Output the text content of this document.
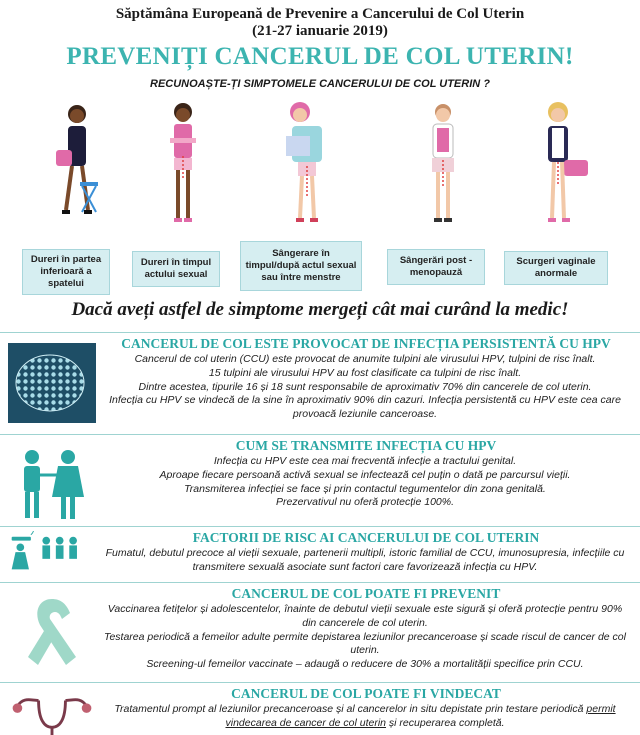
Săptămâna Europeană de Prevenire a Cancerului de Col Uterin
(21-27 ianuarie 2019)
PREVENIȚI CANCERUL DE COL UTERIN!
RECUNOAȘTE-ȚI SIMPTOMELE CANCERULUI DE COL UTERIN ?
Dureri în partea inferioară a spatelui
Dureri în timpul actului sexual
Sângerare în timpul/după actul sexual sau între menstre
Sângerări post -menopauză
Scurgeri vaginale anormale
Dacă aveți astfel de simptome mergeți cât mai curând la medic!
CANCERUL DE COL ESTE PROVOCAT DE INFECȚIA PERSISTENTĂ CU HPV

Cancerul de col uterin (CCU) este provocat de anumite tulpini ale virusului HPV, tulpini de risc înalt.

15 tulpini ale virusului HPV au fost clasificate ca tulpini de risc înalt.

Dintre acestea, tipurile 16 și 18 sunt responsabile de aproximativ 70% din cancerele de col uterin.

Infecția cu HPV se vindecă de la sine în aproximativ 90% din cazuri. Infecția persistentă cu HPV este cea care provoacă leziunile canceroase.

CUM SE TRANSMITE INFECȚIA CU HPV

Infecția cu HPV este cea mai frecventă infecție a tractului genital.

Aproape fiecare persoană activă sexual se infectează cel puțin o dată pe parcursul vieții.

Transmiterea infecției se face și prin contactul tegumentelor din zona genitală.

Prezervativul nu oferă protecție 100%.

FACTORII DE RISC AI CANCERULUI DE COL UTERIN

Fumatul, debutul precoce al vieții sexuale, partenerii multipli, istoric familial de CCU, imunosupresia, infecțiile cu transmitere sexuală asociate sunt factori care favorizează infecția cu HPV.

CANCERUL DE COL POATE FI PREVENIT

Vaccinarea fetițelor și adolescentelor, înainte de debutul vieții sexuale este sigură și oferă protecție pentru 90% din cancerele de col uterin.

Testarea periodică a femeilor adulte permite depistarea leziunilor precanceroase și scade riscul de cancer de col uterin.

Screening-ul femeilor vaccinate – adaugă o reducere de 30% a mortalității specifice prin CCU.

CANCERUL DE COL POATE FI VINDECAT

Tratamentul prompt al leziunilor precanceroase și al cancerelor in situ depistate prin testare periodică permit vindecarea de cancer de col uterin și recuperarea completă.
